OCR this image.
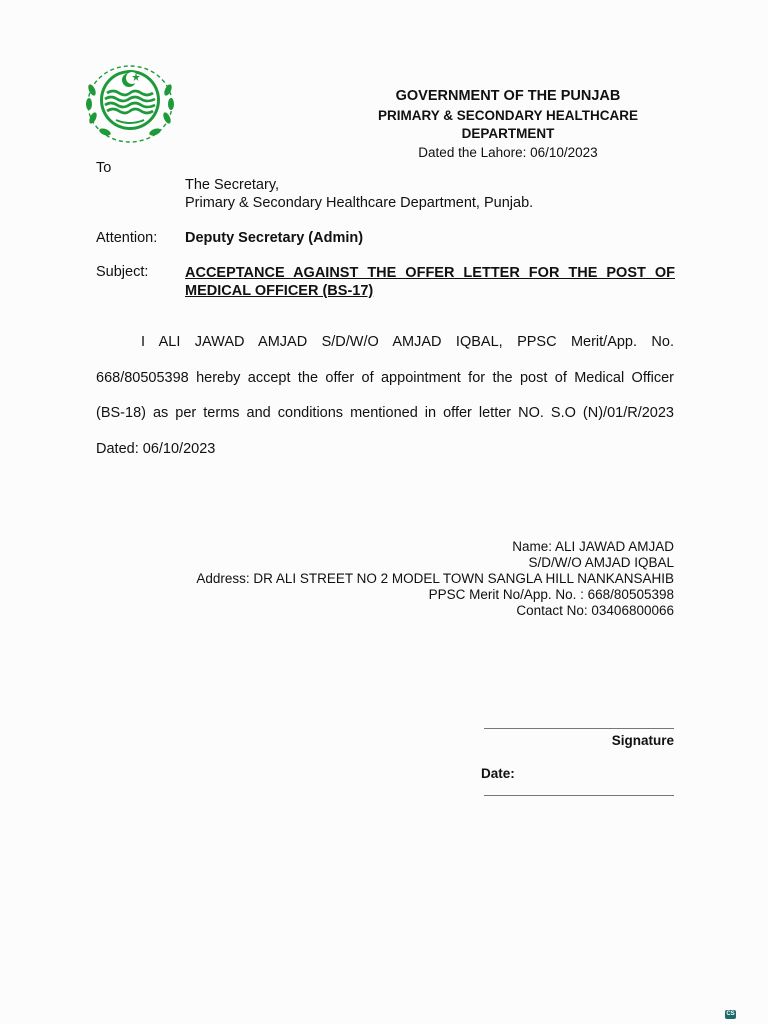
GOVERNMENT OF THE PUNJAB
PRIMARY & SECONDARY HEALTHCARE
DEPARTMENT
Dated the Lahore: 06/10/2023
To
The Secretary,
Primary & Secondary Healthcare Department, Punjab.
Attention: Deputy Secretary (Admin)
Subject:	ACCEPTANCE AGAINST THE OFFER LETTER FOR THE POST OF
MEDICAL OFFICER (BS-17)
I ALI JAWAD AMJAD S/D/W/O AMJAD IQBAL, PPSC Merit/App. No.
668/80505398 hereby accept the offer of appointment for the post of Medical Officer
(BS-18) as per terms and conditions mentioned in offer letter NO. S.O (N)/01/R/2023
Dated: 06/10/2023
Name: ALI JAWAD AMJAD
S/D/W/O AMJAD IQBAL
Address: DR ALI STREET NO 2 MODEL TOWN SANGLA HILL NANKANSAHIB
PPSC Merit No/App. No. : 668/80505398
Contact No: 03406800066
Signature
Date:
CS
